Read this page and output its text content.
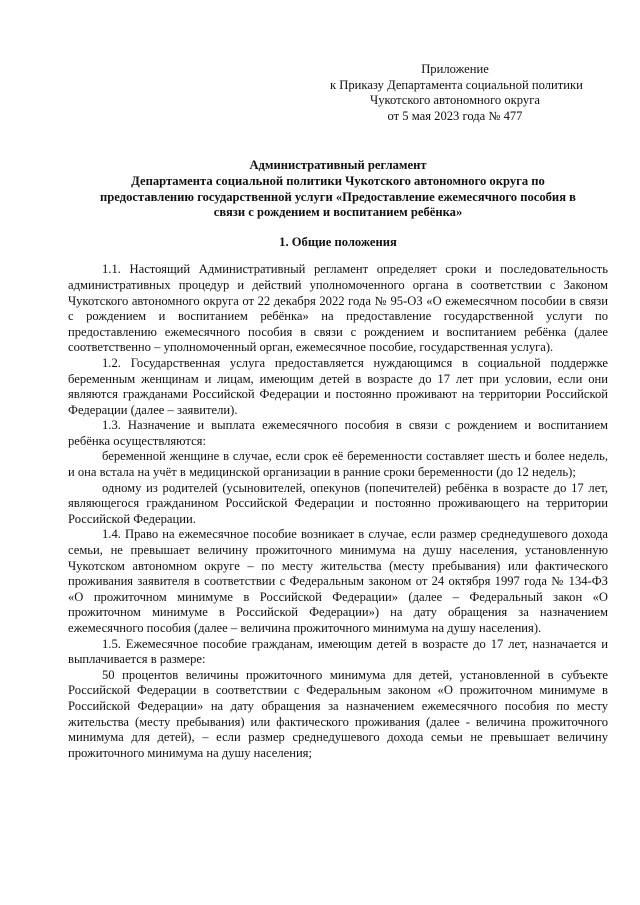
Приложение
к Приказу Департамента социальной политики
Чукотского автономного округа
от 5 мая 2023 года № 477
Административный регламент
Департамента социальной политики Чукотского автономного округа по
предоставлению государственной услуги «Предоставление ежемесячного пособия в
связи с рождением и воспитанием ребёнка»
1. Общие положения

1.1. Настоящий Административный регламент определяет сроки и последовательность административных процедур и действий уполномоченного органа в соответствии с Законом Чукотского автономного округа от 22 декабря 2022 года № 95-ОЗ «О ежемесячном пособии в связи с рождением и воспитанием ребёнка» на предоставление государственной услуги по предоставлению ежемесячного пособия в связи с рождением и воспитанием ребёнка (далее соответственно – уполномоченный орган, ежемесячное пособие, государственная услуга).

1.2. Государственная услуга предоставляется нуждающимся в социальной поддержке беременным женщинам и лицам, имеющим детей в возрасте до 17 лет при условии, если они являются гражданами Российской Федерации и постоянно проживают на территории Российской Федерации (далее – заявители).

1.3. Назначение и выплата ежемесячного пособия в связи с рождением и воспитанием ребёнка осуществляются:

беременной женщине в случае, если срок её беременности составляет шесть и более недель, и она встала на учёт в медицинской организации в ранние сроки беременности (до 12 недель);

одному из родителей (усыновителей, опекунов (попечителей) ребёнка в возрасте до 17 лет, являющегося гражданином Российской Федерации и постоянно проживающего на территории Российской Федерации.

1.4. Право на ежемесячное пособие возникает в случае, если размер среднедушевого дохода семьи, не превышает величину прожиточного минимума на душу населения, установленную Чукотском автономном округе – по месту жительства (месту пребывания) или фактического проживания заявителя в соответствии с Федеральным законом от 24 октября 1997 года № 134-ФЗ «О прожиточном минимуме в Российской Федерации» (далее – Федеральный закон «О прожиточном минимуме в Российской Федерации») на дату обращения за назначением ежемесячного пособия (далее – величина прожиточного минимума на душу населения).

1.5. Ежемесячное пособие гражданам, имеющим детей в возрасте до 17 лет, назначается и выплачивается в размере:

50 процентов величины прожиточного минимума для детей, установленной в субъекте Российской Федерации в соответствии с Федеральным законом «О прожиточном минимуме в Российской Федерации» на дату обращения за назначением ежемесячного пособия по месту жительства (месту пребывания) или фактического проживания (далее - величина прожиточного минимума для детей), – если размер среднедушевого дохода семьи не превышает величину прожиточного минимума на душу населения;
